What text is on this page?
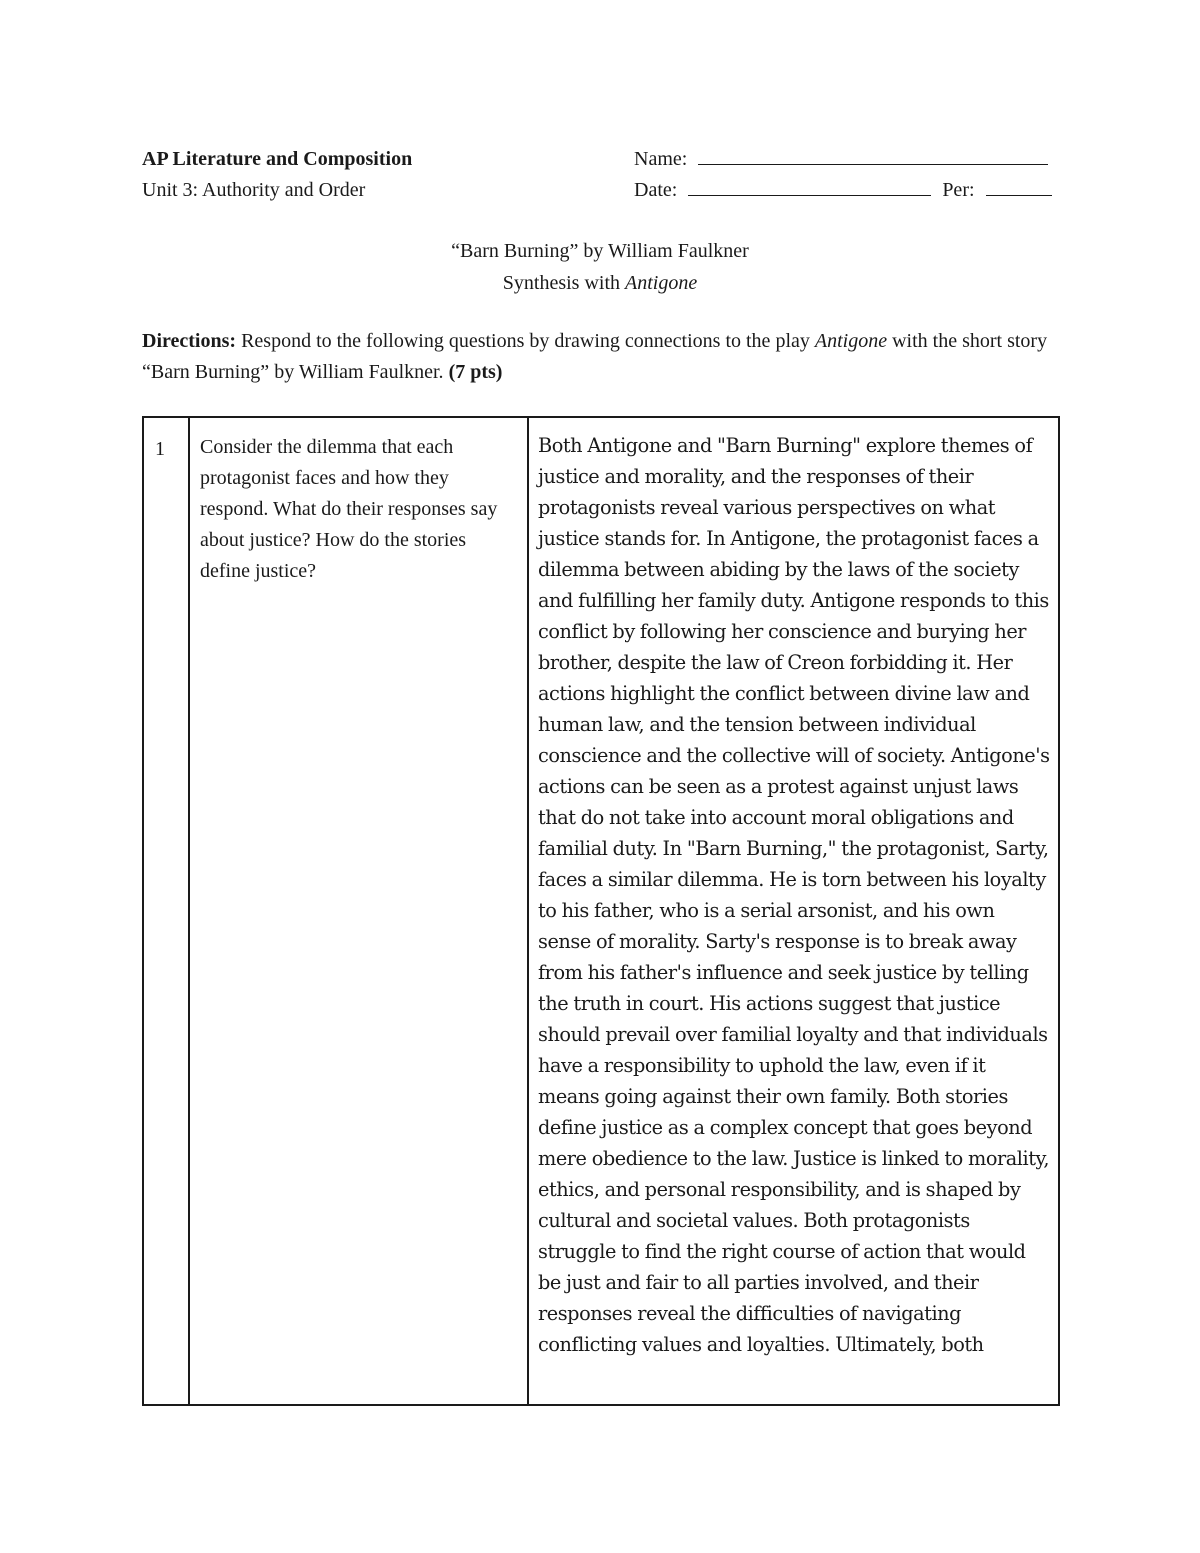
AP Literature and Composition
Unit 3: Authority and Order
Name:
Date:	Per:
“Barn Burning” by William Faulkner
Synthesis with Antigone
Directions: Respond to the following questions by drawing connections to the play Antigone with the short story “Barn Burning” by William Faulkner. (7 pts)
1 Consider the dilemma that each protagonist faces and how they respond. What do their responses say about justice? How do the stories define justice?
Both Antigone and "Barn Burning" explore themes of justice and morality, and the responses of their protagonists reveal various perspectives on what justice stands for. In Antigone, the protagonist faces a dilemma between abiding by the laws of the society and fulfilling her family duty. Antigone responds to this conflict by following her conscience and burying her brother, despite the law of Creon forbidding it. Her actions highlight the conflict between divine law and human law, and the tension between individual conscience and the collective will of society. Antigone's actions can be seen as a protest against unjust laws that do not take into account moral obligations and familial duty. In "Barn Burning," the protagonist, Sarty, faces a similar dilemma. He is torn between his loyalty to his father, who is a serial arsonist, and his own sense of morality. Sarty's response is to break away from his father's influence and seek justice by telling the truth in court. His actions suggest that justice should prevail over familial loyalty and that individuals have a responsibility to uphold the law, even if it means going against their own family. Both stories define justice as a complex concept that goes beyond mere obedience to the law. Justice is linked to morality, ethics, and personal responsibility, and is shaped by cultural and societal values. Both protagonists struggle to find the right course of action that would be just and fair to all parties involved, and their responses reveal the difficulties of navigating conflicting values and loyalties. Ultimately, both
